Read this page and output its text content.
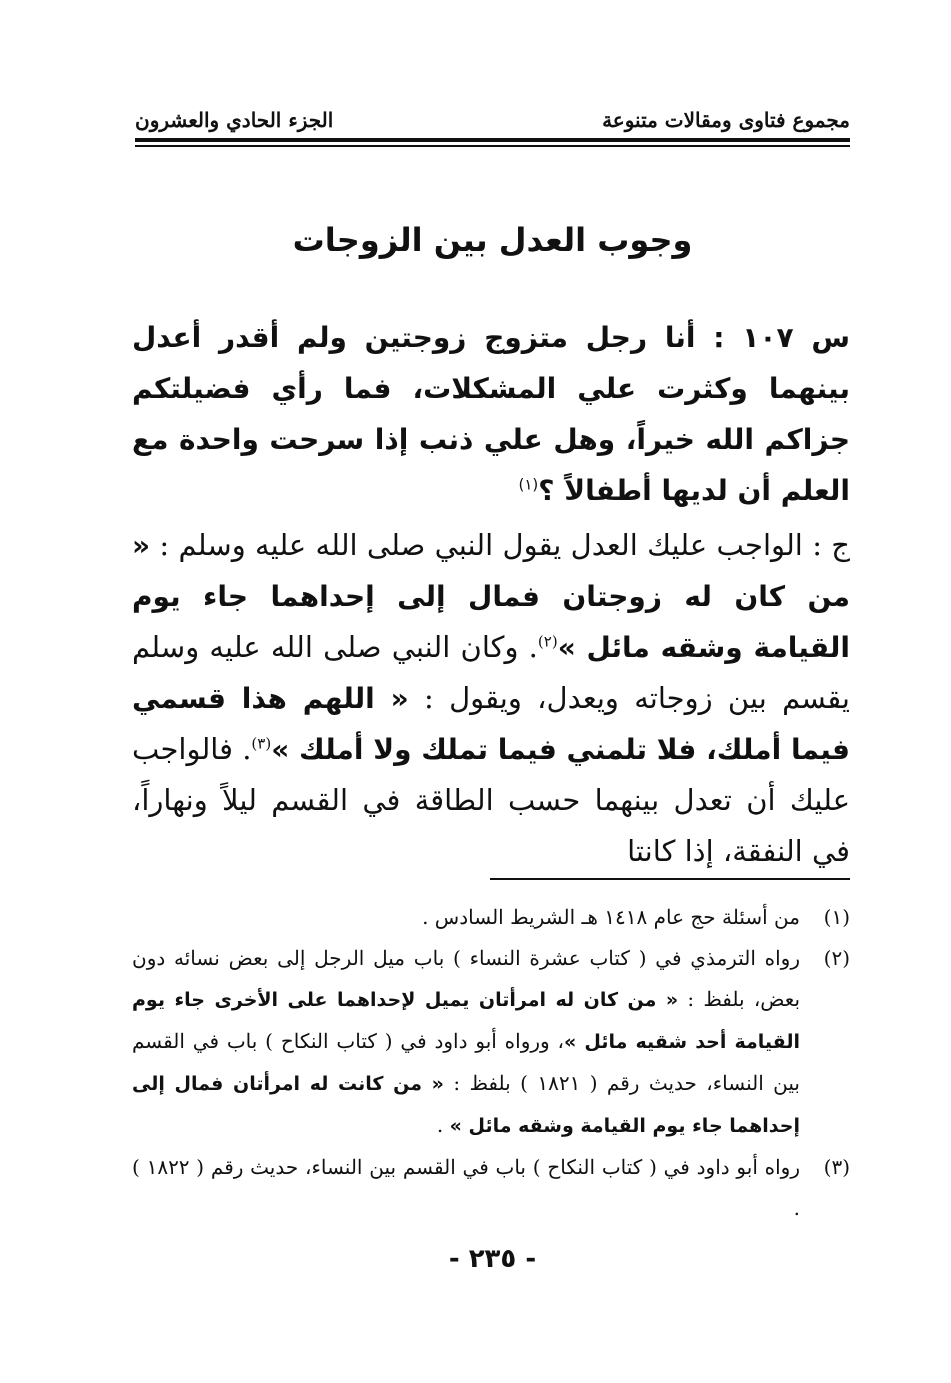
مجموع فتاوى ومقالات متنوعة
الجزء الحادي والعشرون
وجوب العدل بين الزوجات
س ١٠٧ : أنا رجل متزوج زوجتين ولم أقدر أعدل بينهما وكثرت علي المشكلات، فما رأي فضيلتكم جزاكم الله خيراً، وهل علي ذنب إذا سرحت واحدة مع العلم أن لديها أطفالاً ؟$^{(١)}$
ج : الواجب عليك العدل يقول النبي صلى الله عليه وسلم : « من كان له زوجتان فمال إلى إحداهما جاء يوم القيامة وشقه مائل »$^{(٢)}$. وكان النبي صلى الله عليه وسلم يقسم بين زوجاته ويعدل، ويقول : « اللهم هذا قسمي فيما أملك، فلا تلمني فيما تملك ولا أملك »$^{(٣)}$. فالواجب عليك أن تعدل بينهما حسب الطاقة في القسم ليلاً ونهاراً، في النفقة، إذا كانتا
(١)
من أسئلة حج عام ١٤١٨ هـ الشريط السادس .
(٢)
رواه الترمذي في ( كتاب عشرة النساء ) باب ميل الرجل إلى بعض نسائه دون بعض، بلفظ : « من كان له امرأتان يميل لإحداهما على الأخرى جاء يوم القيامة أحد شقيه مائل »، ورواه أبو داود في ( كتاب النكاح ) باب في القسم بين النساء، حديث رقم ( ١٨٢١ ) بلفظ : « من كانت له امرأتان فمال إلى إحداهما جاء يوم القيامة وشقه مائل » .
(٣)
رواه أبو داود في ( كتاب النكاح ) باب في القسم بين النساء، حديث رقم ( ١٨٢٢ ) .
- ٢٣٥ -
